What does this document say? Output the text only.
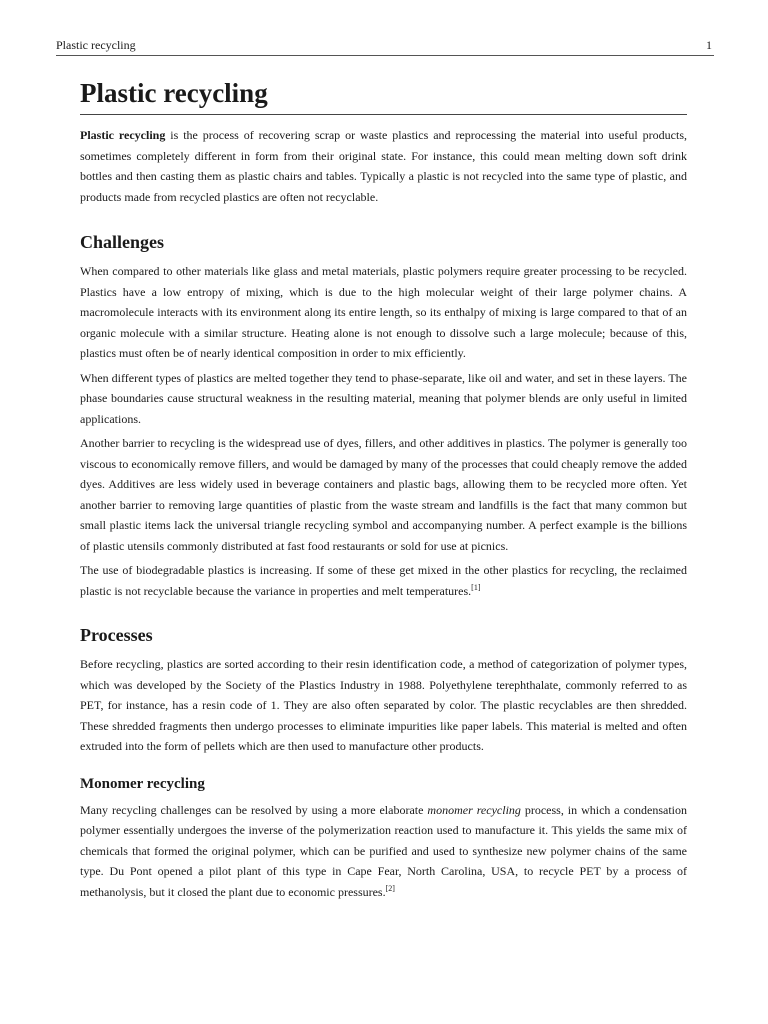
Plastic recycling	1
Plastic recycling

Plastic recycling is the process of recovering scrap or waste plastics and reprocessing the material into useful products, sometimes completely different in form from their original state. For instance, this could mean melting down soft drink bottles and then casting them as plastic chairs and tables. Typically a plastic is not recycled into the same type of plastic, and products made from recycled plastics are often not recyclable.

Challenges

When compared to other materials like glass and metal materials, plastic polymers require greater processing to be recycled. Plastics have a low entropy of mixing, which is due to the high molecular weight of their large polymer chains. A macromolecule interacts with its environment along its entire length, so its enthalpy of mixing is large compared to that of an organic molecule with a similar structure. Heating alone is not enough to dissolve such a large molecule; because of this, plastics must often be of nearly identical composition in order to mix efficiently.

When different types of plastics are melted together they tend to phase-separate, like oil and water, and set in these layers. The phase boundaries cause structural weakness in the resulting material, meaning that polymer blends are only useful in limited applications.

Another barrier to recycling is the widespread use of dyes, fillers, and other additives in plastics. The polymer is generally too viscous to economically remove fillers, and would be damaged by many of the processes that could cheaply remove the added dyes. Additives are less widely used in beverage containers and plastic bags, allowing them to be recycled more often. Yet another barrier to removing large quantities of plastic from the waste stream and landfills is the fact that many common but small plastic items lack the universal triangle recycling symbol and accompanying number. A perfect example is the billions of plastic utensils commonly distributed at fast food restaurants or sold for use at picnics.

The use of biodegradable plastics is increasing. If some of these get mixed in the other plastics for recycling, the reclaimed plastic is not recyclable because the variance in properties and melt temperatures.[1]

Processes

Before recycling, plastics are sorted according to their resin identification code, a method of categorization of polymer types, which was developed by the Society of the Plastics Industry in 1988. Polyethylene terephthalate, commonly referred to as PET, for instance, has a resin code of 1. They are also often separated by color. The plastic recyclables are then shredded. These shredded fragments then undergo processes to eliminate impurities like paper labels. This material is melted and often extruded into the form of pellets which are then used to manufacture other products.

Monomer recycling

Many recycling challenges can be resolved by using a more elaborate monomer recycling process, in which a condensation polymer essentially undergoes the inverse of the polymerization reaction used to manufacture it. This yields the same mix of chemicals that formed the original polymer, which can be purified and used to synthesize new polymer chains of the same type. Du Pont opened a pilot plant of this type in Cape Fear, North Carolina, USA, to recycle PET by a process of methanolysis, but it closed the plant due to economic pressures.[2]
